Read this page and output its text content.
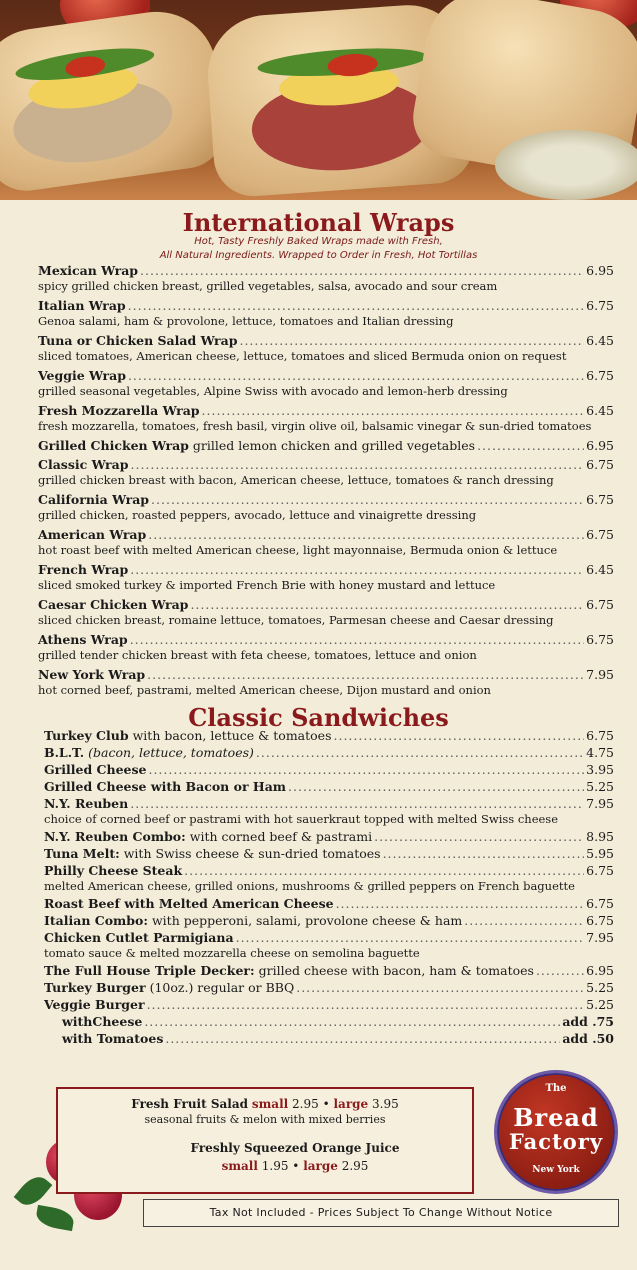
International Wraps
Hot, Tasty Freshly Baked Wraps made with Fresh,
All Natural Ingredients. Wrapped to Order in Fresh, Hot Tortillas
Mexican Wrap .....	6.95
spicy grilled chicken breast, grilled vegetables, salsa, avocado and sour cream
Italian Wrap .....	6.75
Genoa salami, ham & provolone, lettuce, tomatoes and Italian dressing
Tuna or Chicken Salad Wrap .....	6.45
sliced tomatoes, American cheese, lettuce, tomatoes and sliced Bermuda onion on request
Veggie Wrap .....	6.75
grilled seasonal vegetables, Alpine Swiss with avocado and lemon-herb dressing
Fresh Mozzarella Wrap .....	6.45
fresh mozzarella, tomatoes, fresh basil, virgin olive oil, balsamic vinegar & sun-dried tomatoes
Grilled Chicken Wrap grilled lemon chicken and grilled vegetables .....	6.95
Classic Wrap .....	6.75
grilled chicken breast with bacon, American cheese, lettuce, tomatoes & ranch dressing
California Wrap .....	6.75
grilled chicken, roasted peppers, avocado, lettuce and vinaigrette dressing
American Wrap .....	6.75
hot roast beef with melted American cheese, light mayonnaise, Bermuda onion & lettuce
French Wrap .....	6.45
sliced smoked turkey & imported French Brie with honey mustard and lettuce
Caesar Chicken Wrap .....	6.75
sliced chicken breast, romaine lettuce, tomatoes, Parmesan cheese and Caesar dressing
Athens Wrap .....	6.75
grilled tender chicken breast with feta cheese, tomatoes, lettuce and onion
New York Wrap .....	7.95
hot corned beef, pastrami, melted American cheese, Dijon mustard and onion
Classic Sandwiches
Turkey Club with bacon, lettuce & tomatoes .....	6.75
B.L.T. (bacon, lettuce, tomatoes) .....	4.75
Grilled Cheese .....	3.95
Grilled Cheese with Bacon or Ham .....	5.25
N.Y. Reuben .....	7.95
choice of corned beef or pastrami with hot sauerkraut topped with melted Swiss cheese
N.Y. Reuben Combo: with corned beef & pastrami .....	8.95
Tuna Melt: with Swiss cheese & sun-dried tomatoes .....	5.95
Philly Cheese Steak .....	6.75
melted American cheese, grilled onions, mushrooms & grilled peppers on French baguette
Roast Beef with Melted American Cheese .....	6.75
Italian Combo: with pepperoni, salami, provolone cheese & ham .....	6.75
Chicken Cutlet Parmigiana .....	7.95
tomato sauce & melted mozzarella cheese on semolina baguette
The Full House Triple Decker: grilled cheese with bacon, ham & tomatoes .....	6.95
Turkey Burger (10oz.) regular or BBQ .....	5.25
Veggie Burger .....	5.25
withCheese .....	add .75
with Tomatoes .....	add .50
Fresh Fruit Salad small 2.95 • large 3.95
seasonal fruits & melon with mixed berries
Freshly Squeezed Orange Juice
small 1.95 • large 2.95
The
Bread
Factory
New York
Tax Not Included - Prices Subject To Change Without Notice
